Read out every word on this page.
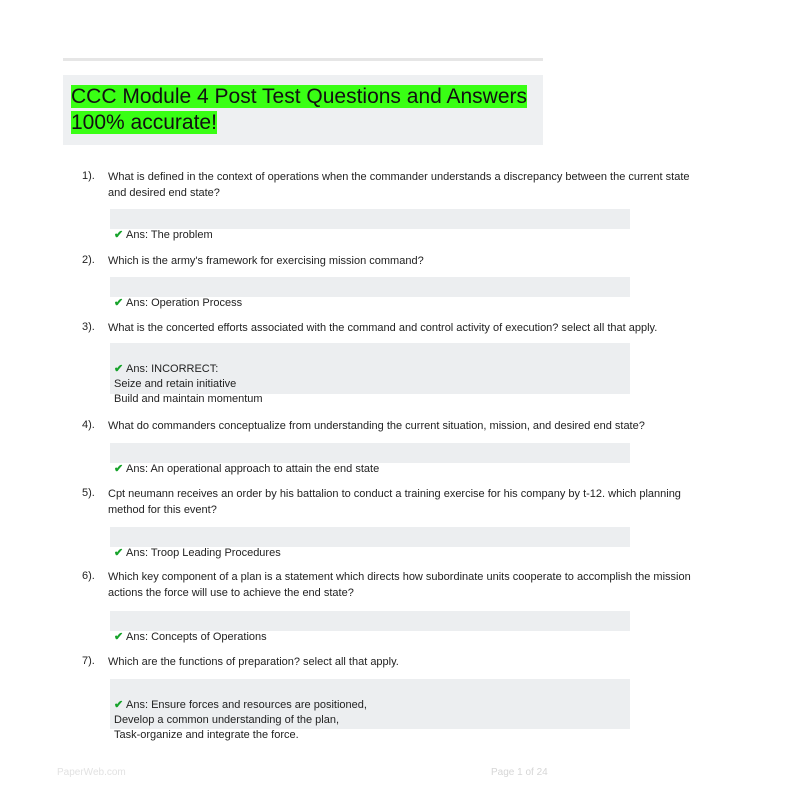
CCC Module 4 Post Test Questions and Answers 100% accurate!
1). What is defined in the context of operations when the commander understands a discrepancy between the current state and desired end state?

✔ Ans: The problem

2). Which is the army's framework for exercising mission command?

✔ Ans: Operation Process

3). What is the concerted efforts associated with the command and control activity of execution? select all that apply.

✔ Ans: INCORRECT:
Seize and retain initiative
Build and maintain momentum

4). What do commanders conceptualize from understanding the current situation, mission, and desired end state?

✔ Ans: An operational approach to attain the end state

5). Cpt neumann receives an order by his battalion to conduct a training exercise for his company by t-12. which planning method for this event?

✔ Ans: Troop Leading Procedures

6). Which key component of a plan is a statement which directs how subordinate units cooperate to accomplish the mission actions the force will use to achieve the end state?

✔ Ans: Concepts of Operations

7). Which are the functions of preparation? select all that apply.

✔ Ans: Ensure forces and resources are positioned,
Develop a common understanding of the plan,
Task-organize and integrate the force.

PaperWeb.com	Page 1 of 24
